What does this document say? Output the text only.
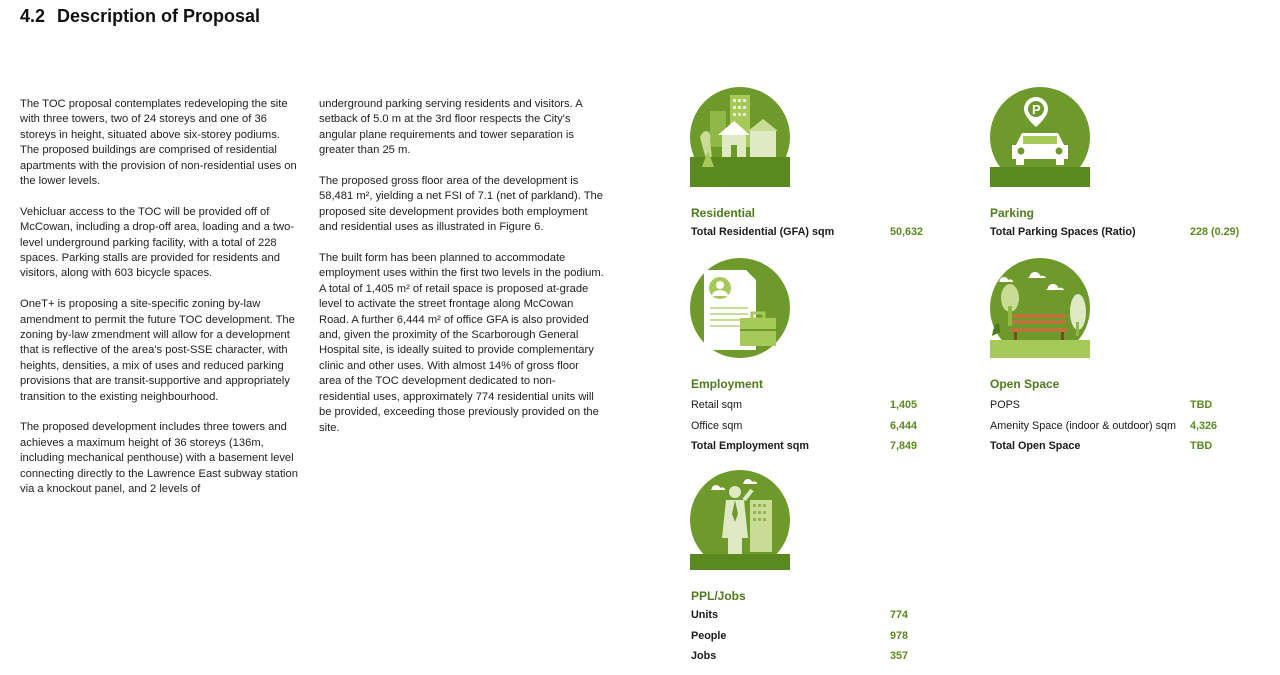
4.2 Description of Proposal

The TOC proposal contemplates redeveloping the site with three towers, two of 24 storeys and one of 36 storeys in height, situated above six-storey podiums. The proposed buildings are comprised of residential apartments with the provision of non-residential uses on the lower levels.

Vehicluar access to the TOC will be provided off of McCowan, including a drop-off area, loading and a two-level underground parking facility, with a total of 228 spaces. Parking stalls are provided for residents and visitors, along with 603 bicycle spaces.

OneT+ is proposing a site-specific zoning by-law amendment to permit the future TOC development. The zoning by-law zmendment will allow for a development that is reflective of the area's post-SSE character, with heights, densities, a mix of uses and reduced parking provisions that are transit-supportive and appropriately transition to the existing neighbourhood.

The proposed development includes three towers and achieves a maximum height of 36 storeys (136m, including mechanical penthouse) with a basement level connecting directly to the Lawrence East subway station via a knockout panel, and 2 levels of

underground parking serving residents and visitors. A setback of 5.0 m at the 3rd floor respects the City's angular plane requirements and tower separation is greater than 25 m.

The proposed gross floor area of the development is 58,481 m², yielding a net FSI of 7.1 (net of parkland). The proposed site development provides both employment and residential uses as illustrated in Figure 6.

The built form has been planned to accommodate employment uses within the first two levels in the podium. A total of 1,405 m² of retail space is proposed at-grade level to activate the street frontage along McCowan Road. A further 6,444 m² of office GFA is also provided and, given the proximity of the Scarborough General Hospital site, is ideally suited to provide complementary clinic and other uses. With almost 14% of gross floor area of the TOC development dedicated to non-residential uses, approximately 774 residential units will be provided, exceeding those previously provided on the site.

P
Residential
Total Residential (GFA) sqm	50,632
Parking
Total Parking Spaces (Ratio)	228 (0.29)
Employment
Retail sqm	1,405
Office sqm	6,444
Total Employment sqm	7,849
Open Space
POPS	TBD
Amenity Space (indoor & outdoor) sqm 4,326
Total Open Space	TBD
PPL/Jobs
Units	774
People	978
Jobs	357
